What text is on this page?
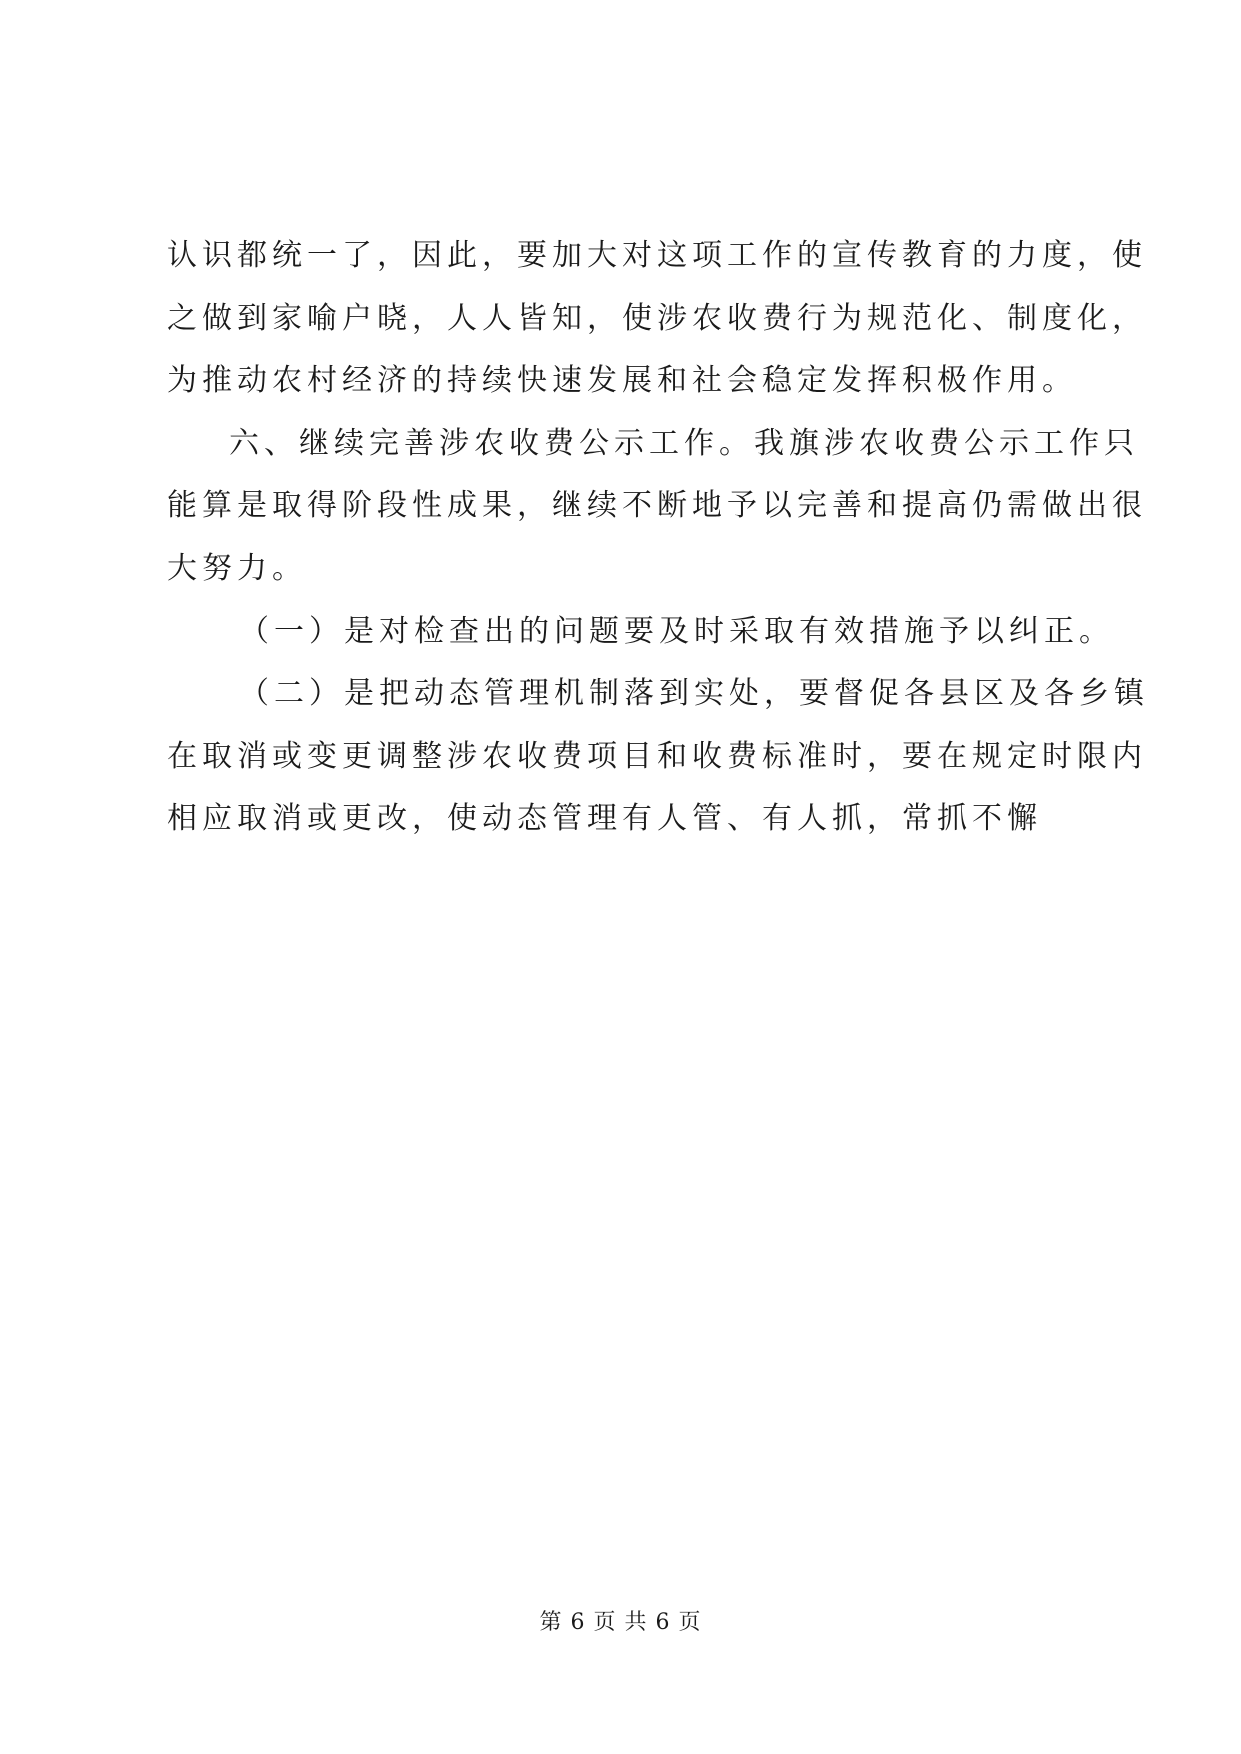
认识都统一了，因此，要加大对这项工作的宣传教育的力度，使
之做到家喻户晓，人人皆知，使涉农收费行为规范化、制度化，
为推动农村经济的持续快速发展和社会稳定发挥积极作用。
六、继续完善涉农收费公示工作。我旗涉农收费公示工作只
能算是取得阶段性成果，继续不断地予以完善和提高仍需做出很
大努力。
（一）是对检查出的问题要及时采取有效措施予以纠正。
（二）是把动态管理机制落到实处，要督促各县区及各乡镇
在取消或变更调整涉农收费项目和收费标准时，要在规定时限内
相应取消或更改，使动态管理有人管、有人抓，常抓不懈
第 6 页 共 6 页
